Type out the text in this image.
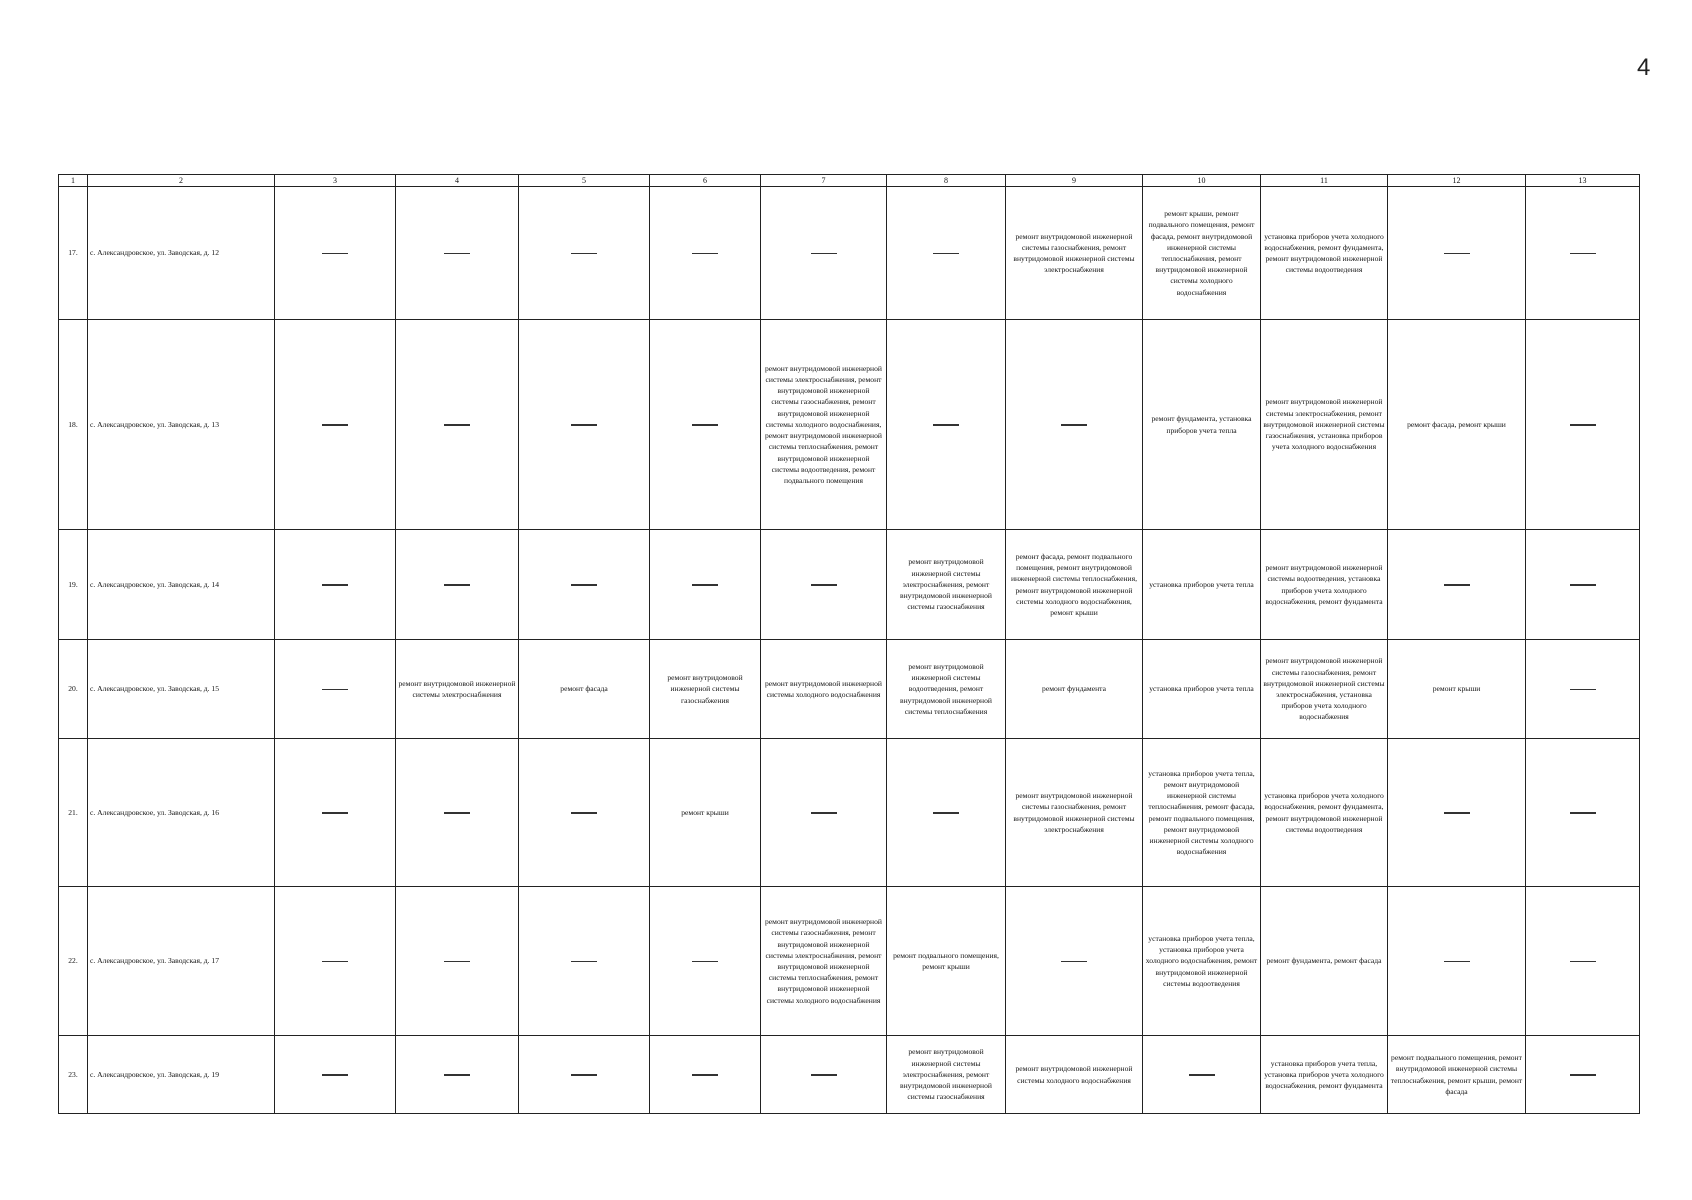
4
1	2	3	4	5	6	7	8	9	10	11	12	13
17.	с. Александровское, ул. Заводская, д. 12							ремонт внутридомовой инженерной системы газоснабжения, ремонт внутридомовой инженерной системы электроснабжения	ремонт крыши, ремонт подвального помещения, ремонт фасада, ремонт внутридомовой инженерной системы теплоснабжения, ремонт внутридомовой инженерной системы холодного водоснабжения	установка приборов учета холодного водоснабжения, ремонт фундамента, ремонт внутридомовой инженерной системы водоотведения		
18.	с. Александровское, ул. Заводская, д. 13					ремонт внутридомовой инженерной системы электроснабжения, ремонт внутридомовой инженерной системы газоснабжения, ремонт внутридомовой инженерной системы холодного водоснабжения, ремонт внутридомовой инженерной системы теплоснабжения, ремонт внутридомовой инженерной системы водоотведения, ремонт подвального помещения			ремонт фундамента, установка приборов учета тепла	ремонт внутридомовой инженерной системы электроснабжения, ремонт внутридомовой инженерной системы газоснабжения, установка приборов учета холодного водоснабжения	ремонт фасада, ремонт крыши	
19.	с. Александровское, ул. Заводская, д. 14						ремонт внутридомовой инженерной системы электроснабжения, ремонт внутридомовой инженерной системы газоснабжения	ремонт фасада, ремонт подвального помещения, ремонт внутридомовой инженерной системы теплоснабжения, ремонт внутридомовой инженерной системы холодного водоснабжения, ремонт крыши	установка приборов учета тепла	ремонт внутридомовой инженерной системы водоотведения, установка приборов учета холодного водоснабжения, ремонт фундамента		
20.	с. Александровское, ул. Заводская, д. 15		ремонт внутридомовой инженерной системы электроснабжения	ремонт фасада	ремонт внутридомовой инженерной системы газоснабжения	ремонт внутридомовой инженерной системы холодного водоснабжения	ремонт внутридомовой инженерной системы водоотведения, ремонт внутридомовой инженерной системы теплоснабжения	ремонт фундамента	установка приборов учета тепла	ремонт внутридомовой инженерной системы газоснабжения, ремонт внутридомовой инженерной системы электроснабжения, установка приборов учета холодного водоснабжения	ремонт крыши	
21.	с. Александровское, ул. Заводская, д. 16				ремонт крыши			ремонт внутридомовой инженерной системы газоснабжения, ремонт внутридомовой инженерной системы электроснабжения	установка приборов учета тепла, ремонт внутридомовой инженерной системы теплоснабжения, ремонт фасада, ремонт подвального помещения, ремонт внутридомовой инженерной системы холодного водоснабжения	установка приборов учета холодного водоснабжения, ремонт фундамента, ремонт внутридомовой инженерной системы водоотведения		
22.	с. Александровское, ул. Заводская, д. 17					ремонт внутридомовой инженерной системы газоснабжения, ремонт внутридомовой инженерной системы электроснабжения, ремонт внутридомовой инженерной системы теплоснабжения, ремонт внутридомовой инженерной системы холодного водоснабжения	ремонт подвального помещения, ремонт крыши		установка приборов учета тепла, установка приборов учета холодного водоснабжения, ремонт внутридомовой инженерной системы водоотведения	ремонт фундамента, ремонт фасада		
23.	с. Александровское, ул. Заводская, д. 19						ремонт внутридомовой инженерной системы электроснабжения, ремонт внутридомовой инженерной системы газоснабжения	ремонт внутридомовой инженерной системы холодного водоснабжения		установка приборов учета тепла, установка приборов учета холодного водоснабжения, ремонт фундамента	ремонт подвального помещения, ремонт внутридомовой инженерной системы теплоснабжения, ремонт крыши, ремонт фасада	
